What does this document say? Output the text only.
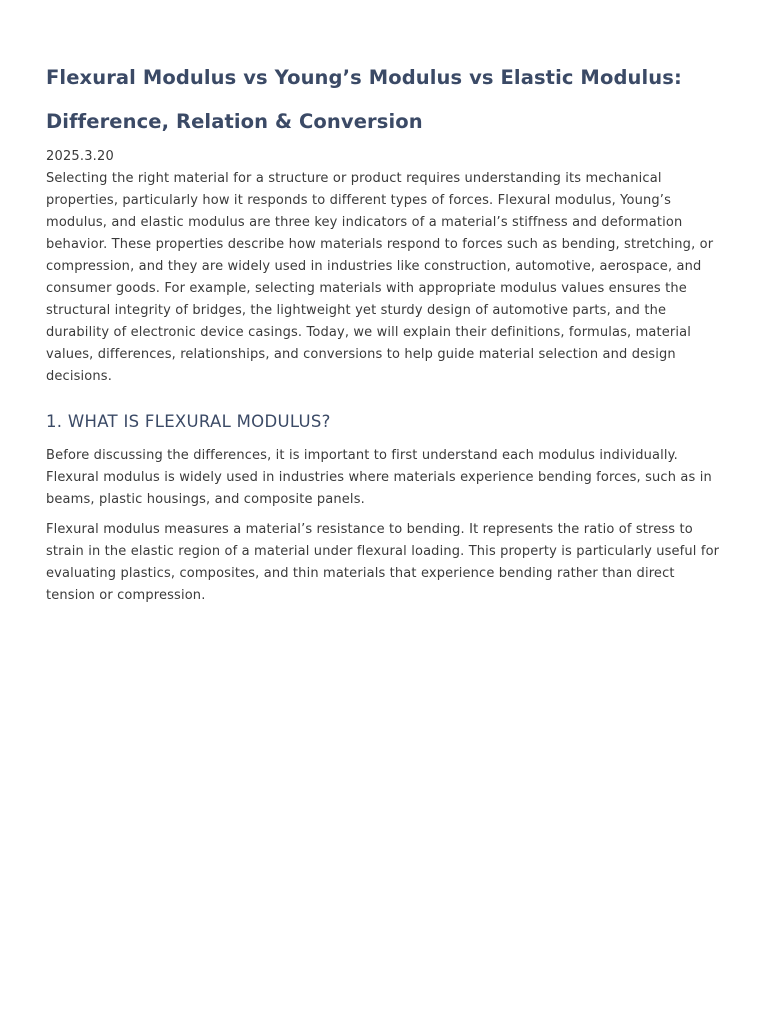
Flexural Modulus vs Young’s Modulus vs Elastic Modulus:
Difference, Relation & Conversion
2025.3.20

Selecting the right material for a structure or product requires understanding its mechanical properties, particularly how it responds to different types of forces. Flexural modulus, Young’s modulus, and elastic modulus are three key indicators of a material’s stiffness and deformation behavior. These properties describe how materials respond to forces such as bending, stretching, or compression, and they are widely used in industries like construction, automotive, aerospace, and consumer goods. For example, selecting materials with appropriate modulus values ensures the structural integrity of bridges, the lightweight yet sturdy design of automotive parts, and the durability of electronic device casings. Today, we will explain their definitions, formulas, material values, differences, relationships, and conversions to help guide material selection and design decisions.

1. WHAT IS FLEXURAL MODULUS?

Before discussing the differences, it is important to first understand each modulus individually. Flexural modulus is widely used in industries where materials experience bending forces, such as in beams, plastic housings, and composite panels.

Flexural modulus measures a material’s resistance to bending. It represents the ratio of stress to strain in the elastic region of a material under flexural loading. This property is particularly useful for evaluating plastics, composites, and thin materials that experience bending rather than direct tension or compression.
